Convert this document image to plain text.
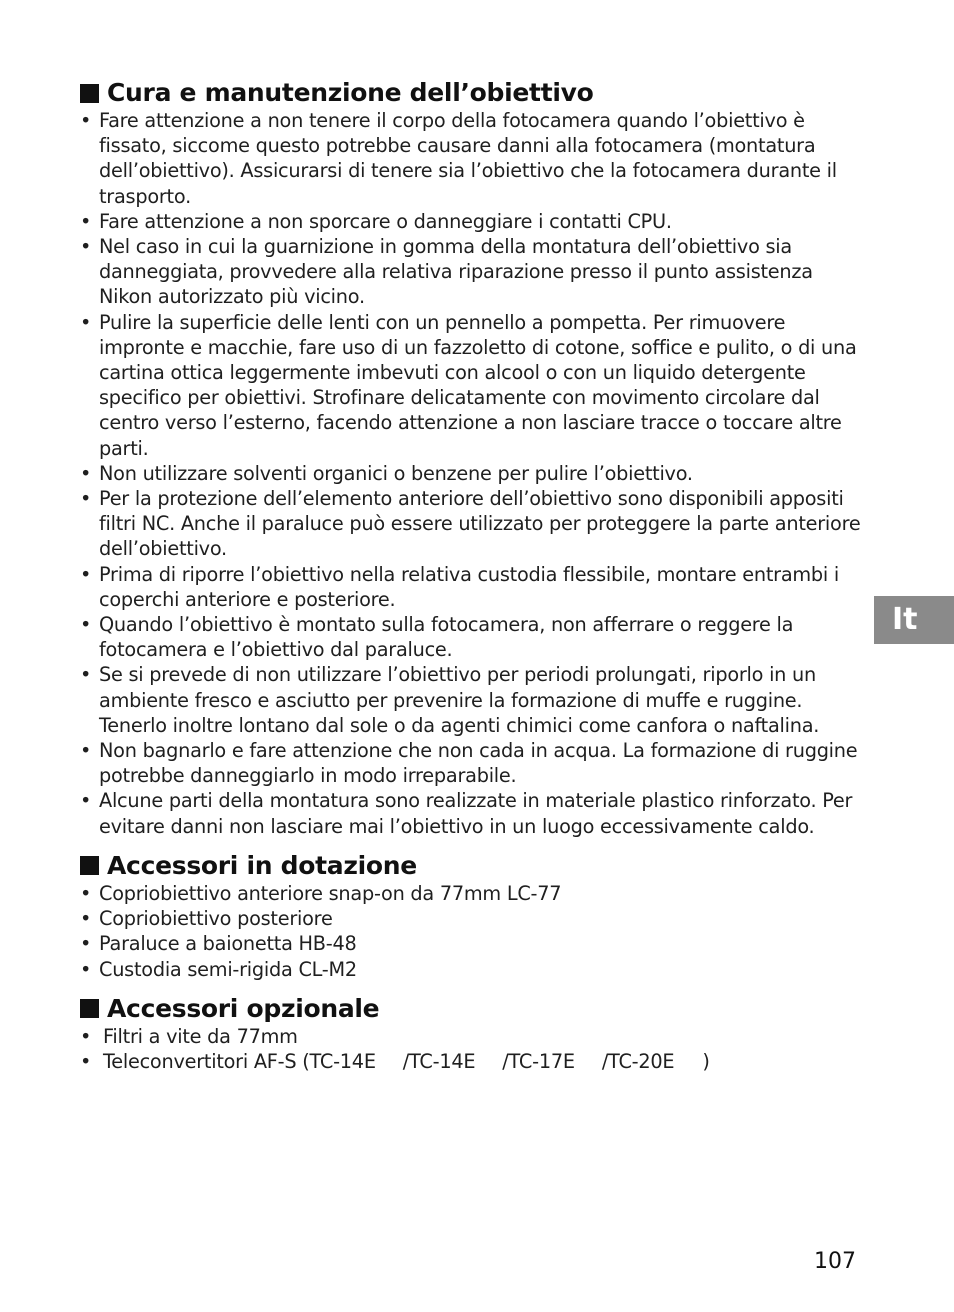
Cura e manutenzione dell’obiettivo
• Fare attenzione a non tenere il corpo della fotocamera quando l’obiettivo è fissato, siccome questo potrebbe causare danni alla fotocamera (montatura dell’obiettivo). Assicurarsi di tenere sia l’obiettivo che la fotocamera durante il trasporto.
• Fare attenzione a non sporcare o danneggiare i contatti CPU.
• Nel caso in cui la guarnizione in gomma della montatura dell’obiettivo sia danneggiata, provvedere alla relativa riparazione presso il punto assistenza Nikon autorizzato più vicino.
• Pulire la superficie delle lenti con un pennello a pompetta. Per rimuovere impronte e macchie, fare uso di un fazzoletto di cotone, soffice e pulito, o di una cartina ottica leggermente imbevuti con alcool o con un liquido detergente specifico per obiettivi. Strofinare delicatamente con movimento circolare dal centro verso l’esterno, facendo attenzione a non lasciare tracce o toccare altre parti.
• Non utilizzare solventi organici o benzene per pulire l’obiettivo.
• Per la protezione dell’elemento anteriore dell’obiettivo sono disponibili appositi filtri NC. Anche il paraluce può essere utilizzato per proteggere la parte anteriore dell’obiettivo.
• Prima di riporre l’obiettivo nella relativa custodia flessibile, montare entrambi i coperchi anteriore e posteriore.
• Quando l’obiettivo è montato sulla fotocamera, non afferrare o reggere la fotocamera e l’obiettivo dal paraluce.
• Se si prevede di non utilizzare l’obiettivo per periodi prolungati, riporlo in un ambiente fresco e asciutto per prevenire la formazione di muffe e ruggine. Tenerlo inoltre lontano dal sole o da agenti chimici come canfora o naftalina.
• Non bagnarlo e fare attenzione che non cada in acqua. La formazione di ruggine potrebbe danneggiarlo in modo irreparabile.
• Alcune parti della montatura sono realizzate in materiale plastico rinforzato. Per evitare danni non lasciare mai l’obiettivo in un luogo eccessivamente caldo.
Accessori in dotazione
• Copriobiettivo anteriore snap-on da 77mm LC-77
• Copriobiettivo posteriore
• Paraluce a baionetta HB-48
• Custodia semi-rigida CL-M2
Accessori opzionale
• Filtri a vite da 77mm
• Teleconvertitori AF-S (TC-14E /TC-14E /TC-17E /TC-20E )
It
107
